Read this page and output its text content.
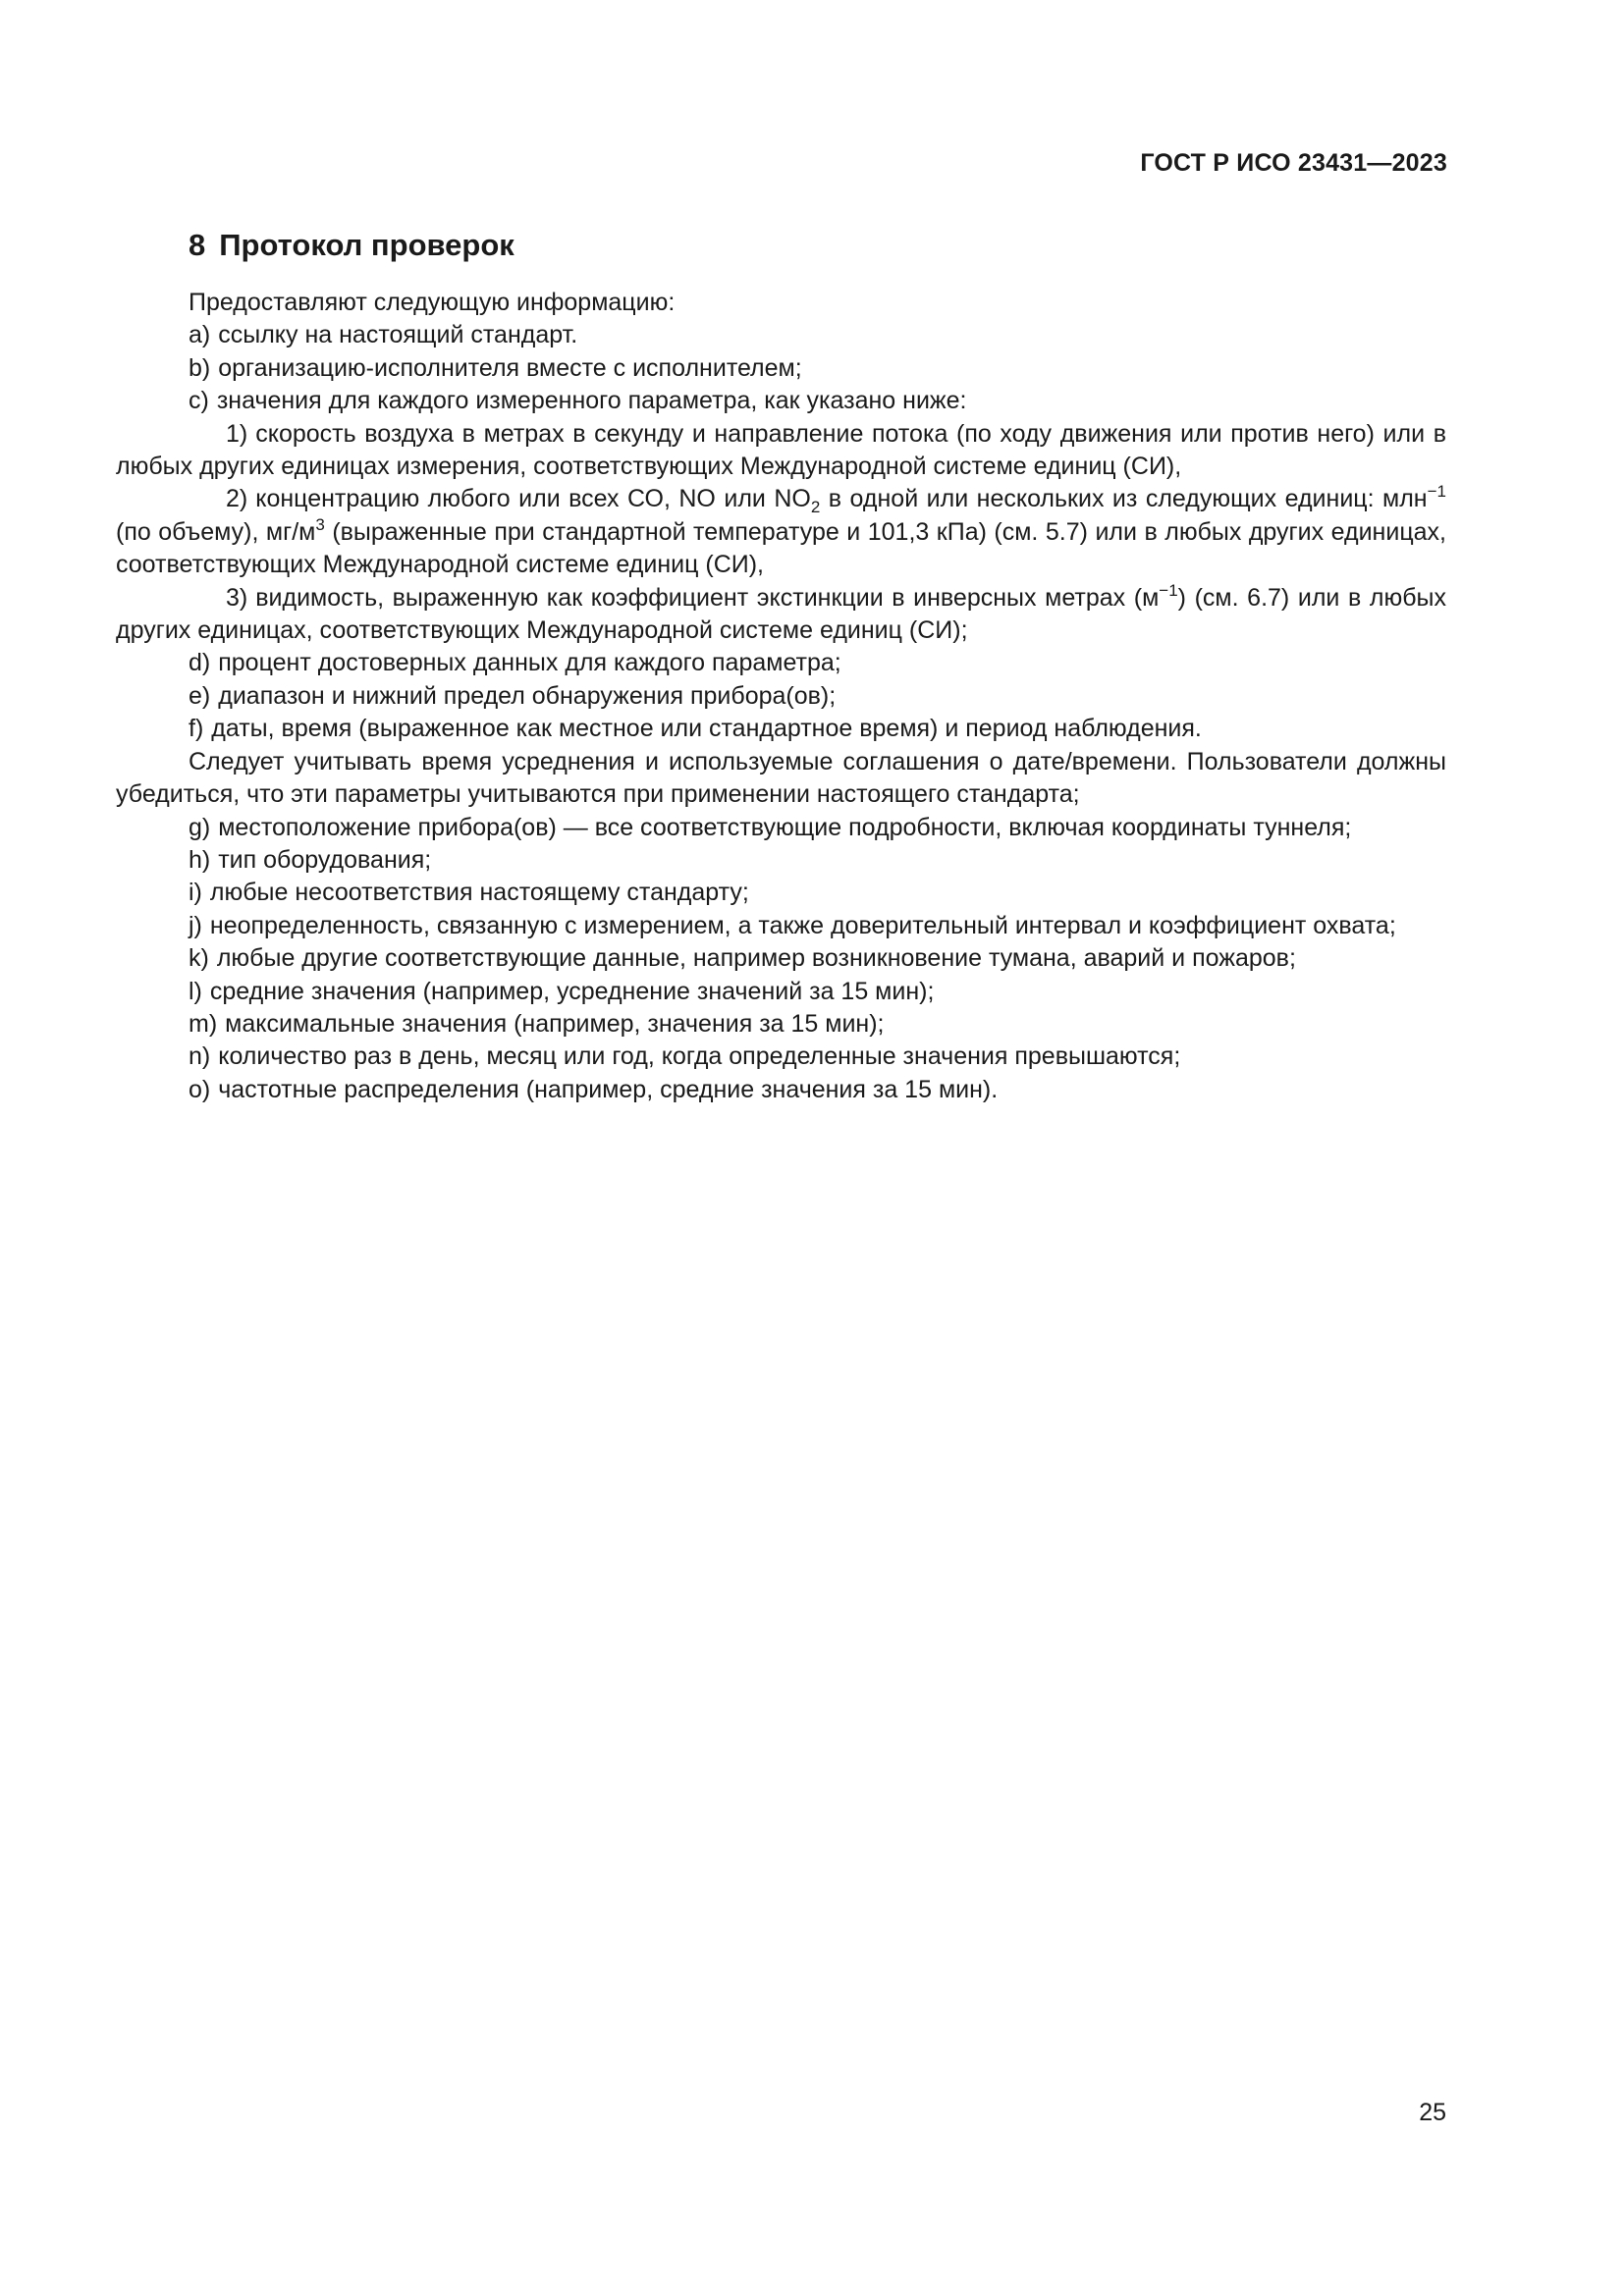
ГОСТ Р ИСО 23431—2023
8 Протокол проверок

Предоставляют следующую информацию:

a) ссылку на настоящий стандарт.

b) организацию-исполнителя вместе с исполнителем;

c) значения для каждого измеренного параметра, как указано ниже:

1) скорость воздуха в метрах в секунду и направление потока (по ходу движения или против него) или в любых других единицах измерения, соответствующих Международной системе единиц (СИ),

2) концентрацию любого или всех СО, NO или $NO_2$ в одной или нескольких из следующих единиц: млн$^{-1}$ (по объему), $мг/м^3$ (выраженные при стандартной температуре и 101,3 кПа) (см. 5.7) или в любых других единицах, соответствующих Международной системе единиц (СИ),

3) видимость, выраженную как коэффициент экстинкции в инверсных метрах $(м^{-1})$ (см. 6.7) или в любых других единицах, соответствующих Международной системе единиц (СИ);

d) процент достоверных данных для каждого параметра;

e) диапазон и нижний предел обнаружения прибора(ов);

f) даты, время (выраженное как местное или стандартное время) и период наблюдения.

Следует учитывать время усреднения и используемые соглашения о дате/времени. Пользователи должны убедиться, что эти параметры учитываются при применении настоящего стандарта;

g) местоположение прибора(ов) — все соответствующие подробности, включая координаты туннеля;

h) тип оборудования;

i) любые несоответствия настоящему стандарту;

j) неопределенность, связанную с измерением, а также доверительный интервал и коэффициент охвата;

k) любые другие соответствующие данные, например возникновение тумана, аварий и пожаров;

l) средние значения (например, усреднение значений за 15 мин);

m) максимальные значения (например, значения за 15 мин);

n) количество раз в день, месяц или год, когда определенные значения превышаются;

o) частотные распределения (например, средние значения за 15 мин).

25
